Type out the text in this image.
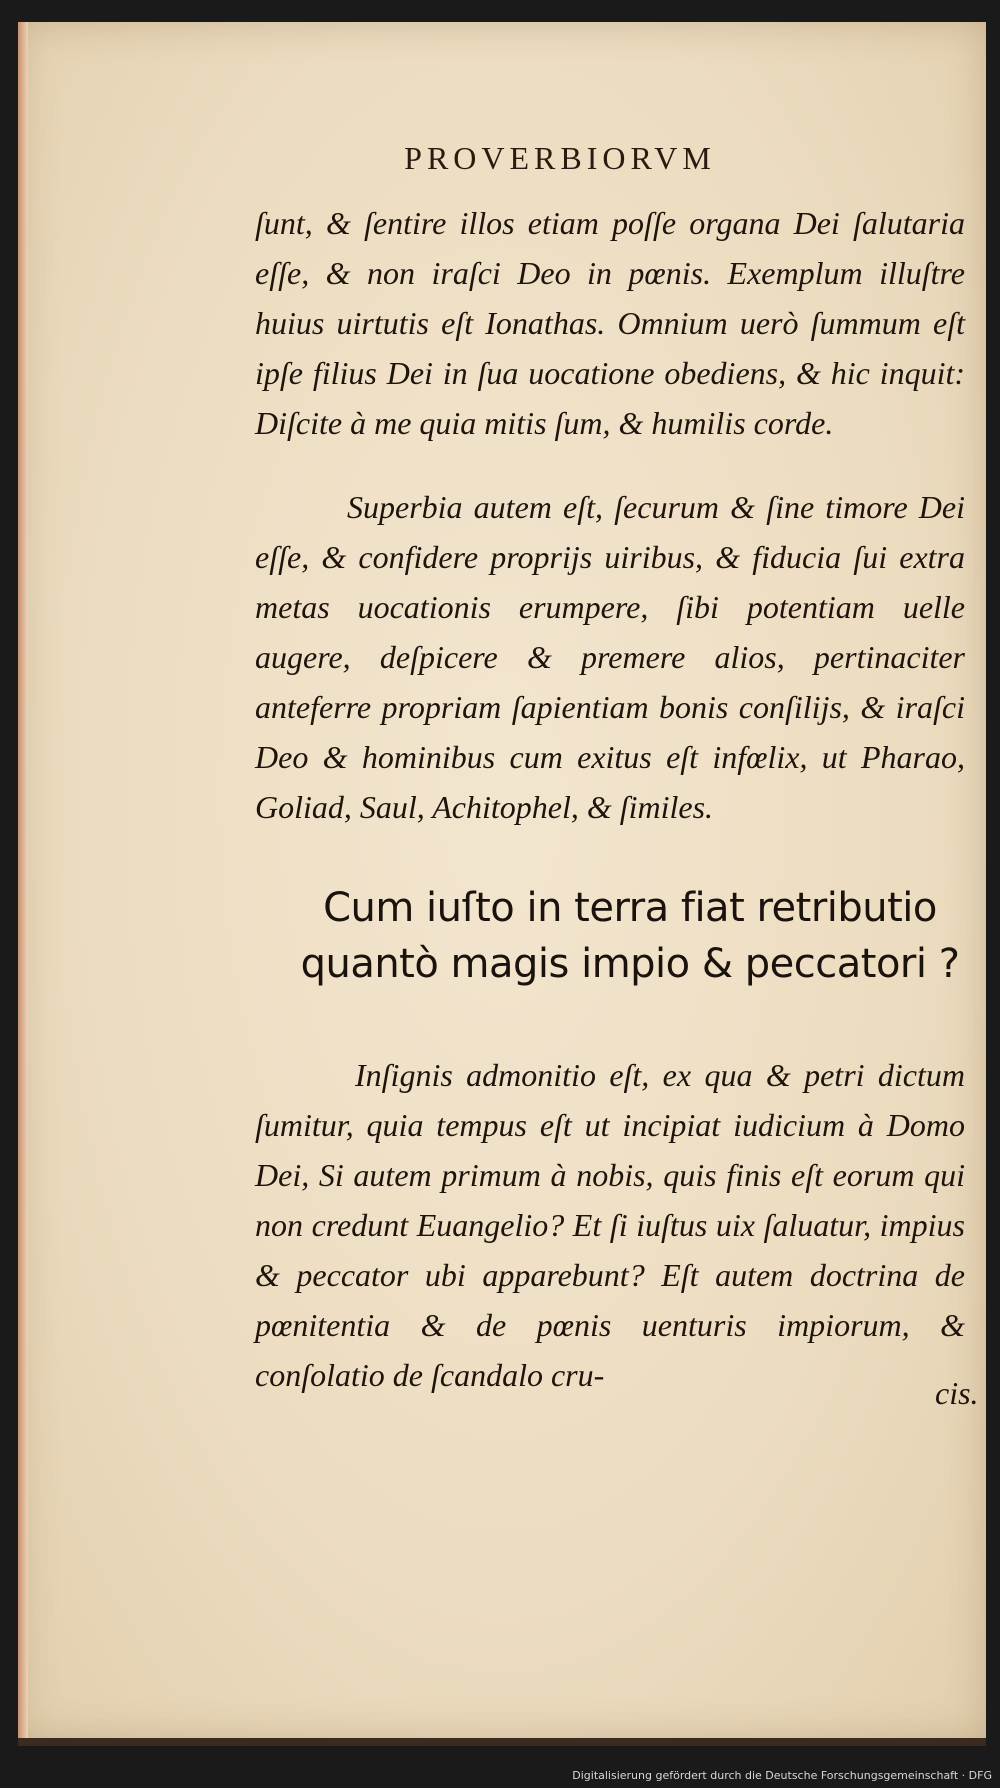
PROVERBIORVM

ſunt, & ſentire illos etiam poſſe organa Dei ſalutaria eſſe, & non iraſci Deo in pœnis. Exemplum illuſtre huius uirtutis eſt Ionathas. Omnium uerò ſummum eſt ipſe filius Dei in ſua uocatione obediens, & hic inquit: Diſcite à me quia mitis ſum, & humilis corde.

Superbia autem eſt, ſecurum & ſine timore Dei eſſe, & confidere proprijs uiribus, & fiducia ſui extra metas uocationis erumpere, ſibi potentiam uelle augere, deſpicere & premere alios, pertinaciter anteferre propriam ſapientiam bonis conſilijs, & iraſci Deo & hominibus cum exitus eſt infœlix, ut Pharao, Goliad, Saul, Achitophel, & ſimiles.

Cum iuſto in terra fiat retributio quantò magis impio & peccatori ?

Inſignis admonitio eſt, ex qua & petri dictum ſumitur, quia tempus eſt ut incipiat iudicium à Domo Dei, Si autem primum à nobis, quis finis eſt eorum qui non credunt Euangelio? Et ſi iuſtus uix ſaluatur, impius & peccator ubi apparebunt? Eſt autem doctrina de pœnitentia & de pœnis uenturis impiorum, & conſolatio de ſcandalo cru-	cis.
Digitalisierung gefördert durch die Deutsche Forschungsgemeinschaft · DFG
